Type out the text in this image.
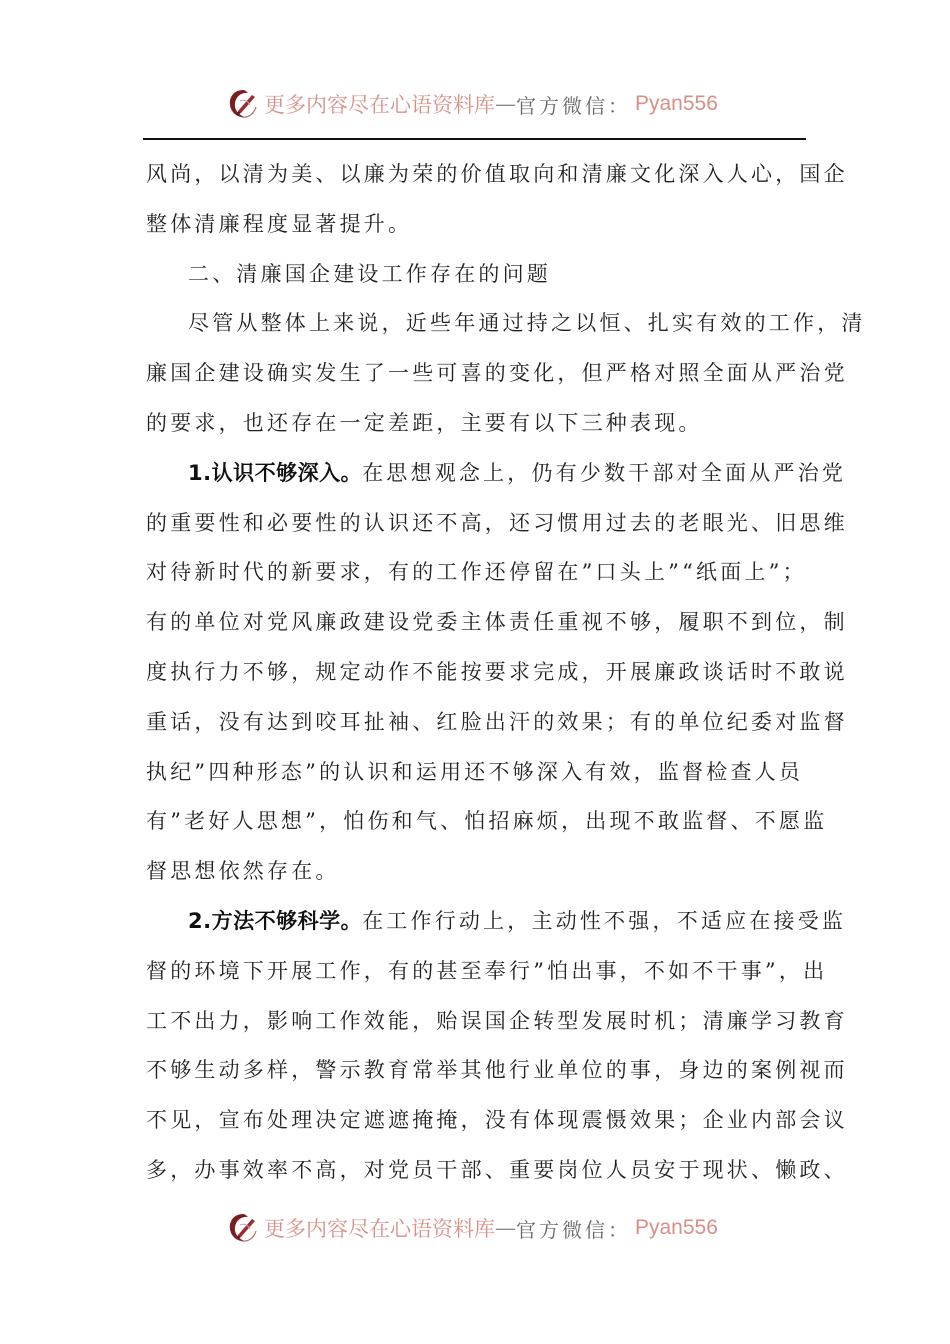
更多内容尽在心语资料库 — 官方微信： Pyan556
风尚，以清为美、以廉为荣的价值取向和清廉文化深入人心，国企
整体清廉程度显著提升。
二、清廉国企建设工作存在的问题
尽管从整体上来说，近些年通过持之以恒、扎实有效的工作，清
廉国企建设确实发生了一些可喜的变化，但严格对照全面从严治党
的要求，也还存在一定差距，主要有以下三种表现。
1.认识不够深入。在思想观念上，仍有少数干部对全面从严治党
的重要性和必要性的认识还不高，还习惯用过去的老眼光、旧思维
对待新时代的新要求，有的工作还停留在”口头上”“纸面上”；
有的单位对党风廉政建设党委主体责任重视不够，履职不到位，制
度执行力不够，规定动作不能按要求完成，开展廉政谈话时不敢说
重话，没有达到咬耳扯袖、红脸出汗的效果；有的单位纪委对监督
执纪”四种形态”的认识和运用还不够深入有效，监督检查人员
有”老好人思想”，怕伤和气、怕招麻烦，出现不敢监督、不愿监
督思想依然存在。
2.方法不够科学。在工作行动上，主动性不强，不适应在接受监
督的环境下开展工作，有的甚至奉行”怕出事，不如不干事”，出
工不出力，影响工作效能，贻误国企转型发展时机；清廉学习教育
不够生动多样，警示教育常举其他行业单位的事，身边的案例视而
不见，宣布处理决定遮遮掩掩，没有体现震慑效果；企业内部会议
多，办事效率不高，对党员干部、重要岗位人员安于现状、懒政、
更多内容尽在心语资料库 — 官方微信： Pyan556
